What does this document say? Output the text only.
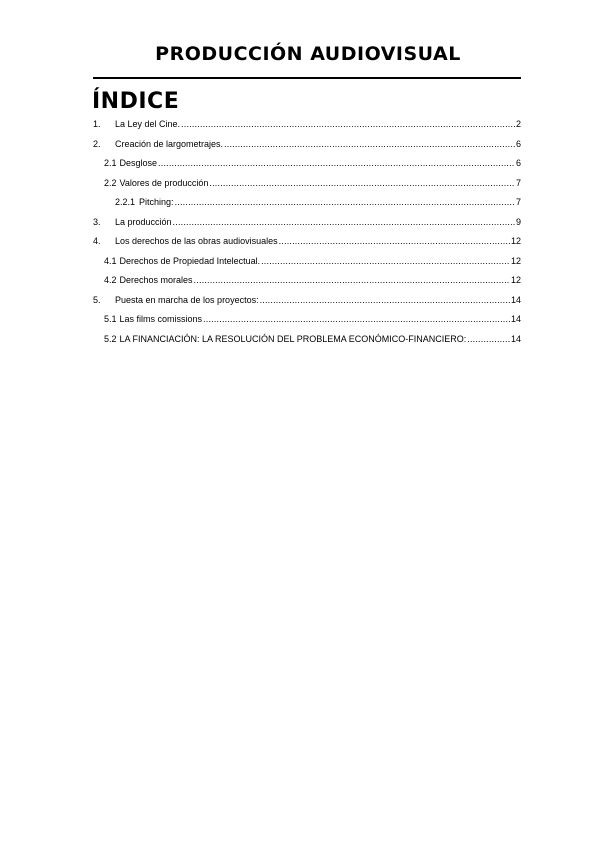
PRODUCCIÓN AUDIOVISUAL
ÍNDICE
1.	La Ley del Cine. .....	2
2.	Creación de largometrajes. .....	6
2.1 Desglose .....	6
2.2 Valores de producción .....	7
2.2.1 Pitching: .....	7
3.	La producción .....	9
4.	Los derechos de las obras audiovisuales .....	12
4.1 Derechos de Propiedad Intelectual. .....	12
4.2 Derechos morales .....	12
5.	Puesta en marcha de los proyectos: .....	14
5.1 Las films comissions .....	14
5.2 LA FINANCIACIÓN: LA RESOLUCIÓN DEL PROBLEMA ECONÓMICO-FINANCIERO: .....	14
